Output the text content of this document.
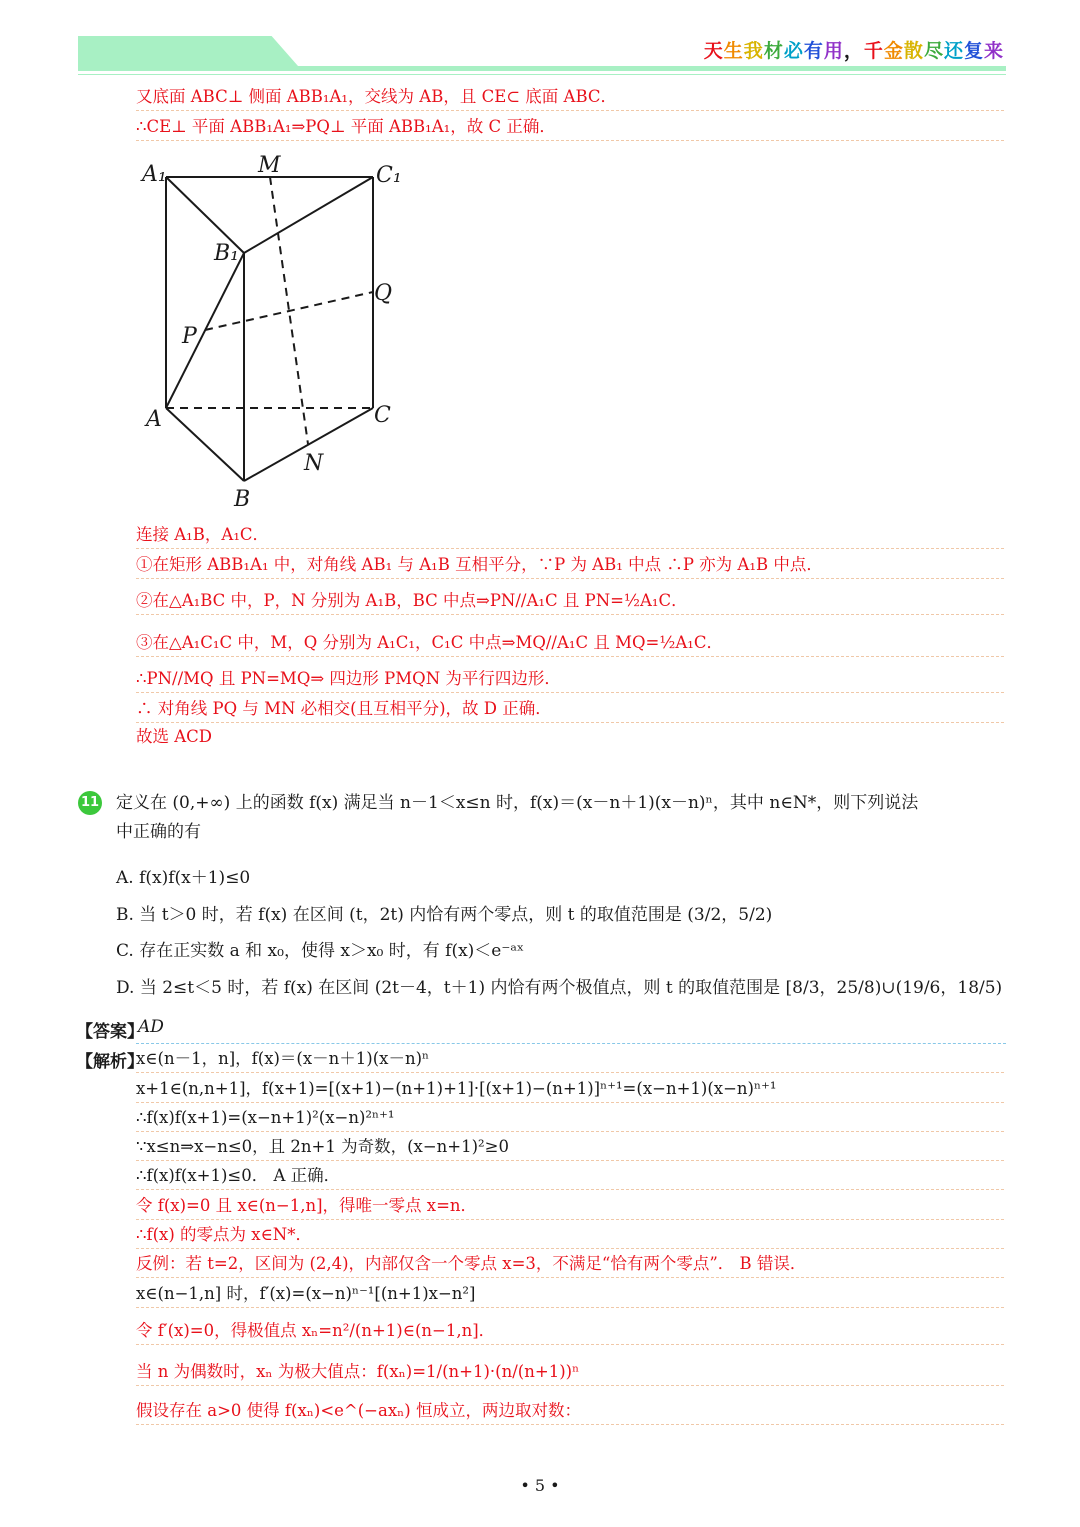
天生我材必有用，千金散尽还复来
又底面 ABC⊥ 侧面 ABB₁A₁，交线为 AB，且 CE⊂ 底面 ABC．
∴CE⊥ 平面 ABB₁A₁⇒PQ⊥ 平面 ABB₁A₁，故 C 正确．
A₁	M	C₁
B₁
Q
P
A	C
N
B
连接 A₁B，A₁C．
①在矩形 ABB₁A₁ 中，对角线 AB₁ 与 A₁B 互相平分，∵P 为 AB₁ 中点 ∴P 亦为 A₁B 中点．
②在△A₁BC 中，P，N 分别为 A₁B，BC 中点⇒PN//A₁C 且 PN=½A₁C．
③在△A₁C₁C 中，M，Q 分别为 A₁C₁，C₁C 中点⇒MQ//A₁C 且 MQ=½A₁C．
∴PN//MQ 且 PN=MQ⇒ 四边形 PMQN 为平行四边形．
∴ 对角线 PQ 与 MN 必相交(且互相平分)，故 D 正确．
故选 ACD
11 定义在 (0,+∞) 上的函数 f(x) 满足当 n－1＜x≤n 时，f(x)＝(x－n＋1)(x－n)ⁿ，其中 n∈N*，则下列说法
中正确的有
A. f(x)f(x＋1)≤0
B. 当 t＞0 时，若 f(x) 在区间 (t，2t) 内恰有两个零点，则 t 的取值范围是 (3/2，5/2)
C. 存在正实数 a 和 x₀，使得 x＞x₀ 时，有 f(x)＜e⁻ᵃˣ
D. 当 2≤t＜5 时，若 f(x) 在区间 (2t－4，t＋1) 内恰有两个极值点，则 t 的取值范围是 [8/3，25/8)∪(19/6，18/5)
【答案】
AD
【解析】
x∈(n－1，n]，f(x)＝(x－n＋1)(x－n)ⁿ
x+1∈(n,n+1]，f(x+1)=[(x+1)−(n+1)+1]·[(x+1)−(n+1)]ⁿ⁺¹=(x−n+1)(x−n)ⁿ⁺¹
∴f(x)f(x+1)=(x−n+1)²(x−n)²ⁿ⁺¹
∵x≤n⇒x−n≤0，且 2n+1 为奇数，(x−n+1)²≥0
∴f(x)f(x+1)≤0． A 正确．
令 f(x)=0 且 x∈(n−1,n]，得唯一零点 x=n．
∴f(x) 的零点为 x∈N*．
反例：若 t=2，区间为 (2,4)，内部仅含一个零点 x=3，不满足“恰有两个零点”． B 错误．
x∈(n−1,n] 时，f′(x)=(x−n)ⁿ⁻¹[(n+1)x−n²]
令 f′(x)=0，得极值点 xₙ=n²/(n+1)∈(n−1,n]．
当 n 为偶数时，xₙ 为极大值点：f(xₙ)=1/(n+1)·(n/(n+1))ⁿ
假设存在 a>0 使得 f(xₙ)<e^(−axₙ) 恒成立，两边取对数：
• 5 •
